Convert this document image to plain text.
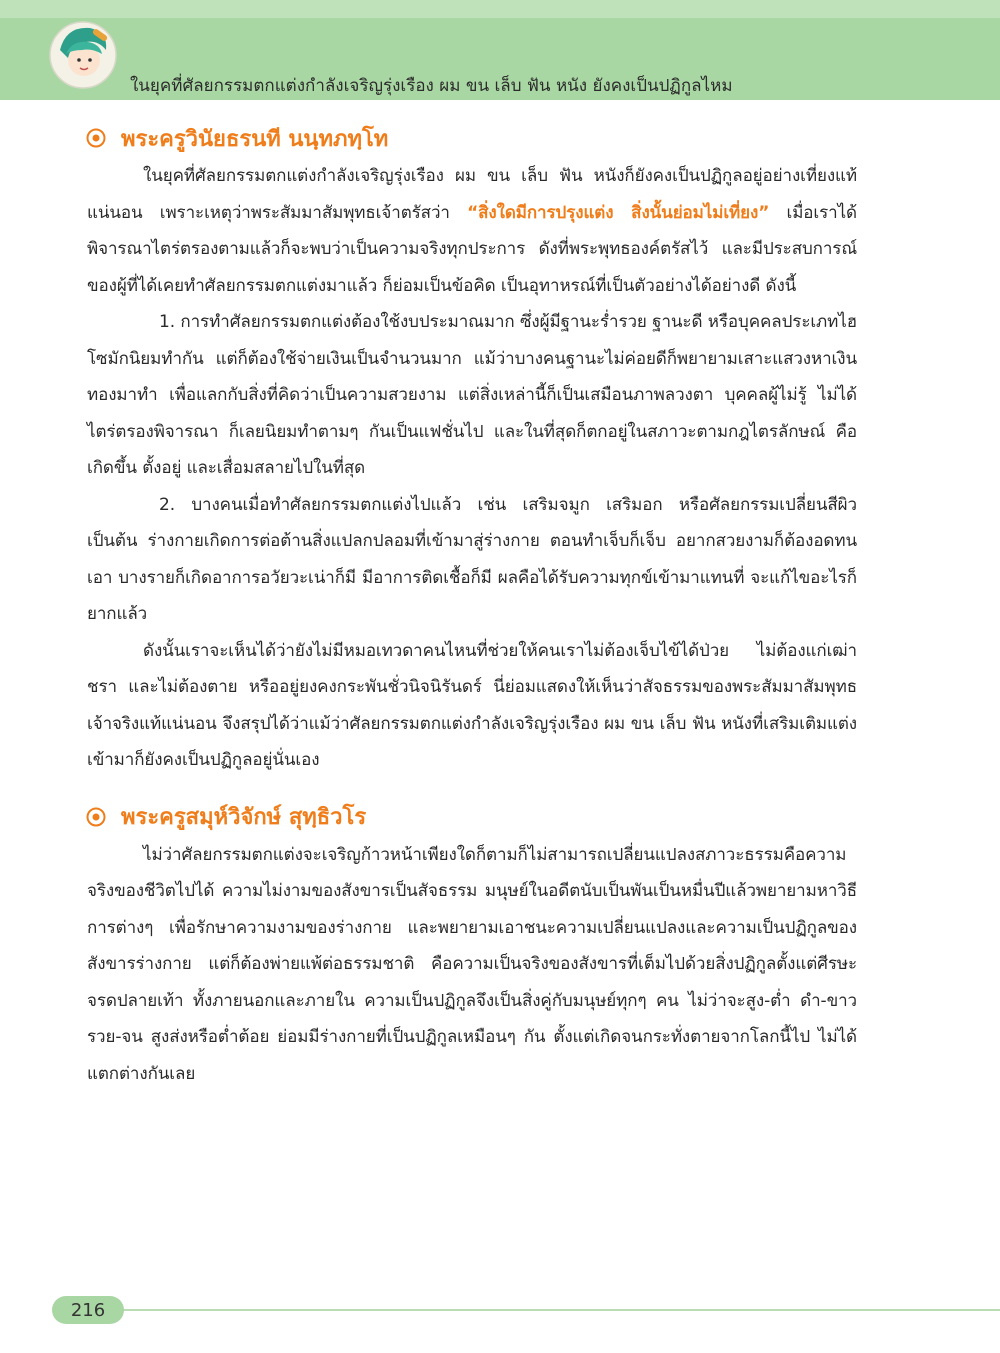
ในยุคที่ศัลยกรรมตกแต่งกำลังเจริญรุ่งเรือง ผม ขน เล็บ ฟัน หนัง ยังคงเป็นปฏิกูลไหม
พระครูวินัยธรนที นนฺทภทฺโท

ในยุคที่ศัลยกรรมตกแต่งกำลังเจริญรุ่งเรือง ผม ขน เล็บ ฟัน หนังก็ยังคงเป็นปฏิกูลอยู่อย่างเที่ยงแท้แน่นอน เพราะเหตุว่าพระสัมมาสัมพุทธเจ้าตรัสว่า “สิ่งใดมีการปรุงแต่ง สิ่งนั้นย่อมไม่เที่ยง” เมื่อเราได้พิจารณาไตร่ตรองตามแล้วก็จะพบว่าเป็นความจริงทุกประการ ดังที่พระพุทธองค์ตรัสไว้ และมีประสบการณ์ของผู้ที่ได้เคยทำศัลยกรรมตกแต่งมาแล้ว ก็ย่อมเป็นข้อคิด เป็นอุทาหรณ์ที่เป็นตัวอย่างได้อย่างดี ดังนี้

1. การทำศัลยกรรมตกแต่งต้องใช้งบประมาณมาก ซึ่งผู้มีฐานะร่ำรวย ฐานะดี หรือบุคคลประเภทไฮโซมักนิยมทำกัน แต่ก็ต้องใช้จ่ายเงินเป็นจำนวนมาก แม้ว่าบางคนฐานะไม่ค่อยดีก็พยายามเสาะแสวงหาเงินทองมาทำ เพื่อแลกกับสิ่งที่คิดว่าเป็นความสวยงาม แต่สิ่งเหล่านี้ก็เป็นเสมือนภาพลวงตา บุคคลผู้ไม่รู้ ไม่ได้ไตร่ตรองพิจารณา ก็เลยนิยมทำตามๆ กันเป็นแฟชั่นไป และในที่สุดก็ตกอยู่ในสภาวะตามกฎไตรลักษณ์ คือเกิดขึ้น ตั้งอยู่ และเสื่อมสลายไปในที่สุด

2. บางคนเมื่อทำศัลยกรรมตกแต่งไปแล้ว เช่น เสริมจมูก เสริมอก หรือศัลยกรรมเปลี่ยนสีผิว เป็นต้น ร่างกายเกิดการต่อต้านสิ่งแปลกปลอมที่เข้ามาสู่ร่างกาย ตอนทำเจ็บก็เจ็บ อยากสวยงามก็ต้องอดทนเอา บางรายก็เกิดอาการอวัยวะเน่าก็มี มีอาการติดเชื้อก็มี ผลคือได้รับความทุกข์เข้ามาแทนที่ จะแก้ไขอะไรก็ยากแล้ว

ดังนั้นเราจะเห็นได้ว่ายังไม่มีหมอเทวดาคนไหนที่ช่วยให้คนเราไม่ต้องเจ็บไข้ได้ป่วย ไม่ต้องแก่เฒ่าชรา และไม่ต้องตาย หรืออยู่ยงคงกระพันชั่วนิจนิรันดร์ นี่ย่อมแสดงให้เห็นว่าสัจธรรมของพระสัมมาสัมพุทธเจ้าจริงแท้แน่นอน จึงสรุปได้ว่าแม้ว่าศัลยกรรมตกแต่งกำลังเจริญรุ่งเรือง ผม ขน เล็บ ฟัน หนังที่เสริมเติมแต่งเข้ามาก็ยังคงเป็นปฏิกูลอยู่นั่นเอง

พระครูสมุห์วิจักษ์ สุทฺธิวโร

ไม่ว่าศัลยกรรมตกแต่งจะเจริญก้าวหน้าเพียงใดก็ตามก็ไม่สามารถเปลี่ยนแปลงสภาวะธรรมคือความจริงของชีวิตไปได้ ความไม่งามของสังขารเป็นสัจธรรม มนุษย์ในอดีตนับเป็นพันเป็นหมื่นปีแล้วพยายามหาวิธีการต่างๆ เพื่อรักษาความงามของร่างกาย และพยายามเอาชนะความเปลี่ยนแปลงและความเป็นปฏิกูลของสังขารร่างกาย แต่ก็ต้องพ่ายแพ้ต่อธรรมชาติ คือความเป็นจริงของสังขารที่เต็มไปด้วยสิ่งปฏิกูลตั้งแต่ศีรษะจรดปลายเท้า ทั้งภายนอกและภายใน ความเป็นปฏิกูลจึงเป็นสิ่งคู่กับมนุษย์ทุกๆ คน ไม่ว่าจะสูง-ต่ำ ดำ-ขาว รวย-จน สูงส่งหรือต่ำต้อย ย่อมมีร่างกายที่เป็นปฏิกูลเหมือนๆ กัน ตั้งแต่เกิดจนกระทั่งตายจากโลกนี้ไป ไม่ได้แตกต่างกันเลย

216
